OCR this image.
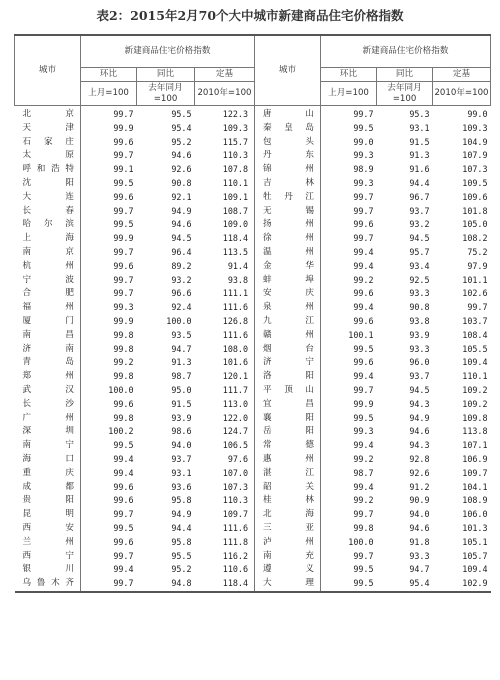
表2：2015年2月70个大中城市新建商品住宅价格指数
城市	新建商品住宅价格指数			城市	新建商品住宅价格指数		
	环比	同比	定基		环比	同比	定基
	上月=100	去年同月=100	2010年=100		上月=100	去年同月=100	2010年=100
北　京	99.7	95.5	122.3	唐　山	99.7	95.3	99.0
天　津	99.9	95.4	109.3	秦皇岛	99.5	93.1	109.3
石家庄	99.6	95.2	115.7	包　头	99.0	91.5	104.9
太　原	99.7	94.6	110.3	丹　东	99.3	91.3	107.9
呼和浩特	99.1	92.6	107.8	锦　州	98.9	91.6	107.3
沈　阳	99.5	90.8	110.1	吉　林	99.3	94.4	109.5
大　连	99.6	92.1	109.1	牡丹江	99.7	96.7	109.6
长　春	99.7	94.9	108.7	无　锡	99.7	93.7	101.8
哈尔滨	99.5	94.6	109.0	扬　州	99.6	93.2	105.0
上　海	99.9	94.5	118.4	徐　州	99.7	94.5	108.2
南　京	99.7	96.4	113.5	温　州	99.4	95.7	75.2
杭　州	99.6	89.2	91.4	金　华	99.4	93.4	97.9
宁　波	99.7	93.2	93.8	蚌　埠	99.2	92.5	101.1
合　肥	99.7	96.6	111.1	安　庆	99.6	93.3	102.6
福　州	99.3	92.4	111.6	泉　州	99.4	90.8	99.7
厦　门	99.9	100.0	126.8	九　江	99.6	93.8	103.7
南　昌	99.8	93.5	111.6	赣　州	100.1	93.9	108.4
济　南	99.8	94.7	108.0	烟　台	99.5	93.3	105.5
青　岛	99.2	91.3	101.6	济　宁	99.6	96.0	109.4
郑　州	99.8	98.7	120.1	洛　阳	99.4	93.7	110.1
武　汉	100.0	95.0	111.7	平顶山	99.7	94.5	109.2
长　沙	99.6	91.5	113.0	宜　昌	99.9	94.3	109.2
广　州	99.8	93.9	122.0	襄　阳	99.5	94.9	109.8
深　圳	100.2	98.6	124.7	岳　阳	99.3	94.6	113.8
南　宁	99.5	94.0	106.5	常　德	99.4	94.3	107.1
海　口	99.4	93.7	97.6	惠　州	99.2	92.8	106.9
重　庆	99.4	93.1	107.0	湛　江	98.7	92.6	109.7
成　都	99.6	93.6	107.3	韶　关	99.4	91.2	104.1
贵　阳	99.6	95.8	110.3	桂　林	99.2	90.9	108.9
昆　明	99.7	94.9	109.7	北　海	99.7	94.0	106.0
西　安	99.5	94.4	111.6	三　亚	99.8	94.6	101.3
兰　州	99.6	95.8	111.8	泸　州	100.0	91.8	105.1
西　宁	99.7	95.5	116.2	南　充	99.7	93.3	105.7
银　川	99.4	95.2	110.6	遵　义	99.5	94.7	109.4
乌鲁木齐	99.7	94.8	118.4	大　理	99.5	95.4	102.9
